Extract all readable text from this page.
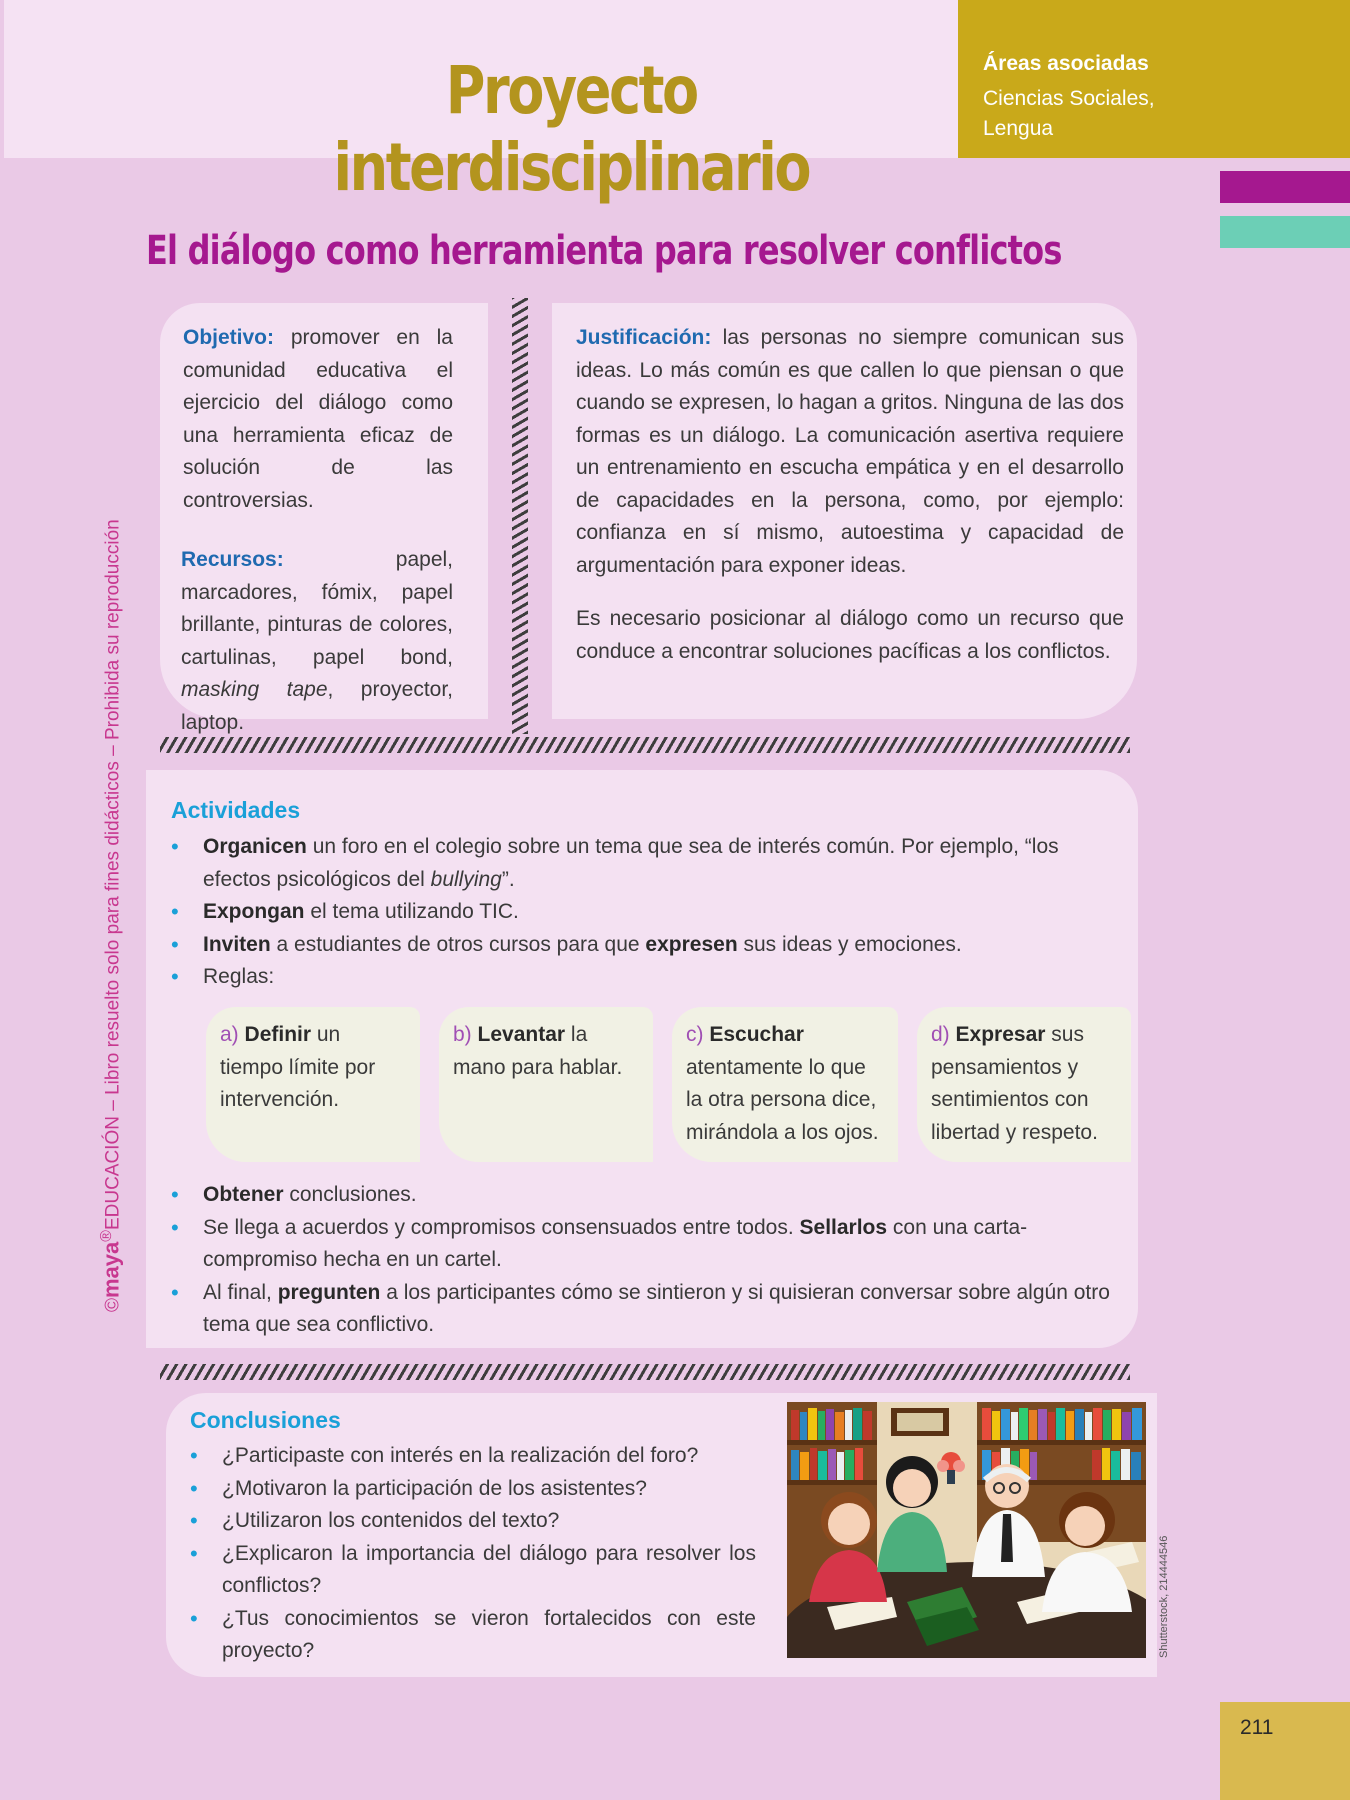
Proyecto interdisciplinario
Áreas asociadas
Ciencias Sociales, Lengua
©maya®EDUCACIÓN – Libro resuelto solo para fines didácticos – Prohibida su reproducción
El diálogo como herramienta para resolver conflictos
Objetivo: promover en la comunidad educativa el ejercicio del diálogo como una herramienta eficaz de solución de las controversias.
Recursos:	papel, marcadores, fómix, papel brillante, pinturas de colores, cartulinas, papel bond, masking tape, proyector, laptop.

Justificación: las personas no siempre comunican sus ideas. Lo más común es que callen lo que piensan o que cuando se expresen, lo hagan a gritos. Ninguna de las dos formas es un diálogo. La comunicación asertiva requiere un entrenamiento en escucha empática y en el desarrollo de capacidades en la persona, como, por ejemplo: confianza en sí mismo, autoestima y capacidad de argumentación para exponer ideas.

Es necesario posicionar al diálogo como un recurso que conduce a encontrar soluciones pacíficas a los conflictos.

Actividades
• Organicen un foro en el colegio sobre un tema que sea de interés común. Por ejemplo, “los efectos psicológicos del bullying”.
• Expongan el tema utilizando TIC.
• Inviten a estudiantes de otros cursos para que expresen sus ideas y emociones.
• Reglas:
a) Definir un tiempo límite por intervención.
b) Levantar la mano para hablar.
c) Escuchar atentamente lo que la otra persona dice, mirándola a los ojos.
d) Expresar sus pensamientos y sentimientos con libertad y respeto.
• Obtener conclusiones.
• Se llega a acuerdos y compromisos consensuados entre todos. Sellarlos con una carta-compromiso hecha en un cartel.
• Al final, pregunten a los participantes cómo se sintieron y si quisieran conversar sobre algún otro tema que sea conflictivo.
Conclusiones
• ¿Participaste con interés en la realización del foro?
• ¿Motivaron la participación de los asistentes?
• ¿Utilizaron los contenidos del texto?
• ¿Explicaron la importancia del diálogo para resolver los conflictos?
• ¿Tus conocimientos se vieron fortalecidos con este proyecto?	Shutterstock, 214444546
211
